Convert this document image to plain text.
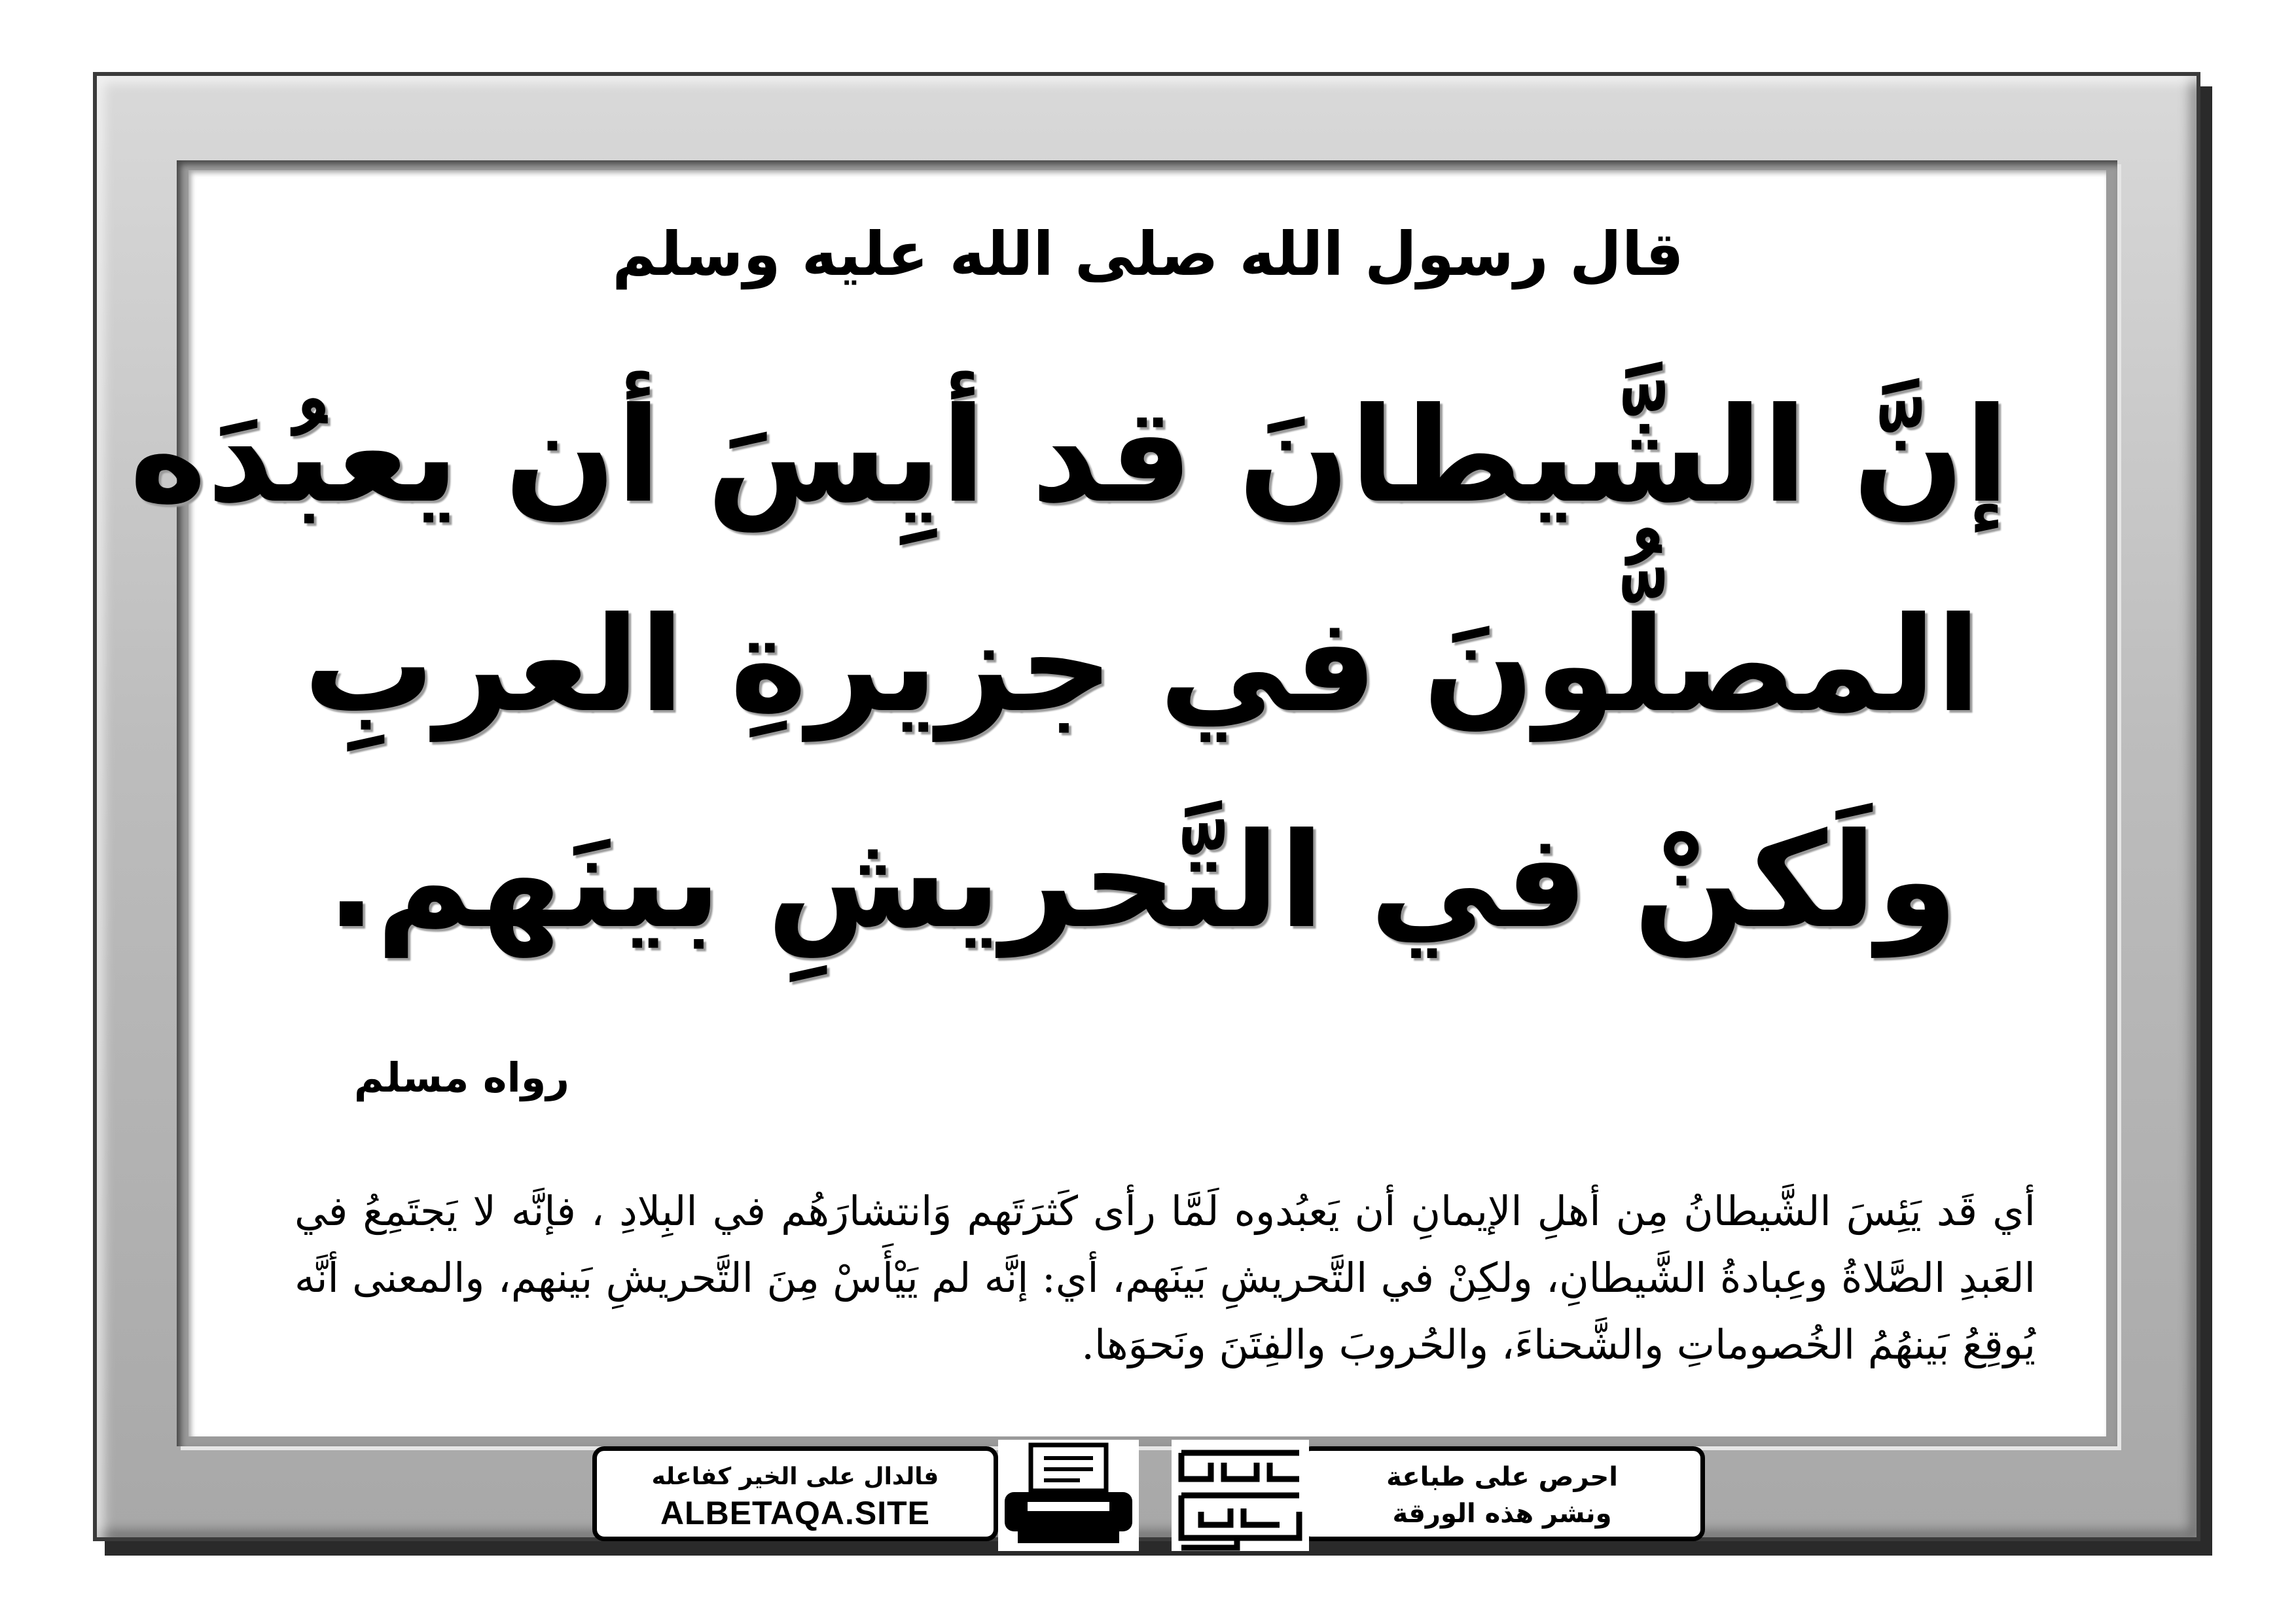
قال رسول الله صلى الله عليه وسلم
إنَّ الشَّيطانَ قد أيِسَ أن يعبُدَه
المصلُّونَ في جزيرةِ العربِ
ولَكنْ في التَّحريشِ بينَهم.
رواه مسلم
أي قَد يَئِسَ الشَّيطانُ مِن أهلِ الإيمانِ أن يَعبُدوه لَمَّا رأى كَثرَتَهم وَانتشارَهُم في البِلادِ ، فإنَّه لا يَجتَمِعُ في العَبدِ الصَّلاةُ وعِبادةُ الشَّيطانِ، ولكِنْ في التَّحريشِ بَينَهم، أي: إنَّه لم يَيْأَسْ مِنَ التَّحريشِ بَينهم، والمعنى أنَّه يُوقِعُ بَينهُمُ الخُصوماتِ والشَّحناءَ، والحُروبَ والفِتَنَ ونَحوَها.
احرص على طباعة
ونشر هذه الورقة
فالدال على الخير كفاعله
ALBETAQA.SITE
